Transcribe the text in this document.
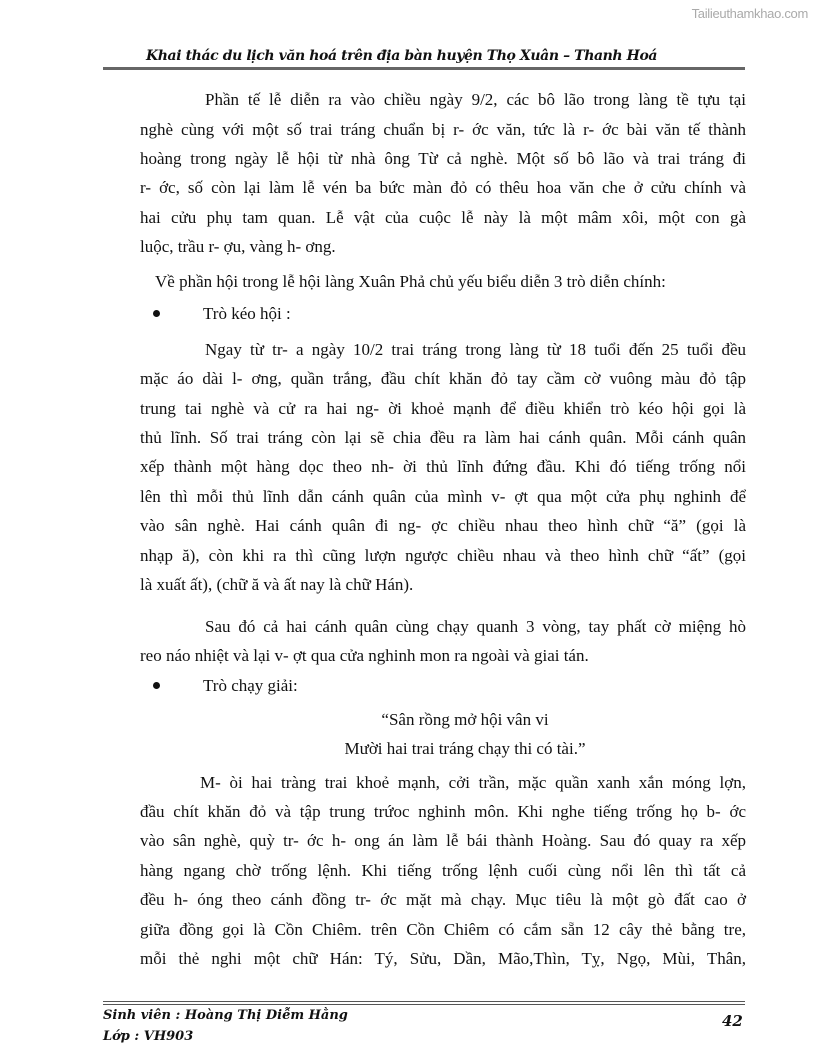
Tailieuthamkhao.com
Khai thác du lịch văn hoá trên địa bàn huyện Thọ Xuân – Thanh Hoá
Phần tế lễ diễn ra vào chiều ngày 9/2, các bô lão trong làng tề tựu tại
nghè cùng với một số trai tráng chuẩn bị r- ớc văn, tức là r- ớc bài văn tế thành
hoàng trong ngày lễ hội từ nhà ông Từ cả nghè. Một số bô lão và trai tráng đi
r- ớc, số còn lại làm lễ vén ba bức màn đỏ có thêu hoa văn che ở cửu chính và
hai cửu phụ tam quan. Lễ vật của cuộc lễ này là một mâm xôi, một con gà
luộc, trầu r- ợu, vàng h- ơng.
Về phần hội trong lễ hội làng Xuân Phả chủ yếu biểu diễn 3 trò diễn chính:
Trò kéo hội :
Ngay từ tr- a ngày 10/2 trai tráng trong làng từ 18 tuổi đến 25 tuổi đều
mặc áo dài l- ơng, quần trắng, đầu chít khăn đỏ tay cầm cờ vuông màu đỏ tập
trung tai nghè và cử ra hai ng- ời khoẻ mạnh để điều khiển trò kéo hội gọi là
thủ lĩnh. Số trai tráng còn lại sẽ chia đều ra làm hai cánh quân. Mỗi cánh quân
xếp thành một hàng dọc theo nh- ời thủ lĩnh đứng đầu. Khi đó tiếng trống nổi
lên thì mỗi thủ lĩnh dẫn cánh quân của mình v- ợt qua một cửa phụ nghinh để
vào sân nghè. Hai cánh quân đi ng- ợc chiều nhau theo hình chữ “ă” (gọi là
nhạp ă), còn khi ra thì cũng lượn ngược chiều nhau và theo hình chữ “ất” (gọi
là xuất ất), (chữ ă và ất nay là chữ Hán).
Sau đó cả hai cánh quân cùng chạy quanh 3 vòng, tay phất cờ miệng hò
reo náo nhiệt và lại v- ợt qua cửa nghinh mon ra ngoài và giai tán.
Trò chạy giải:
“Sân rồng mở hội vân vi
Mười hai trai tráng chạy thi có tài.”
M- òi hai tràng trai khoẻ mạnh, cởi trần, mặc quần xanh xắn móng lợn,
đầu chít khăn đỏ và tập trung trứoc nghinh môn. Khi nghe tiếng trống họ b- ớc
vào sân nghè, quỳ tr- ớc h- ong án làm lễ bái thành Hoàng. Sau đó quay ra xếp
hàng ngang chờ trống lệnh. Khi tiếng trống lệnh cuối cùng nổi lên thì tất cả
đều h- óng theo cánh đồng tr- ớc mặt mà chạy. Mục tiêu là một gò đất cao ở
giữa đồng gọi là Cồn Chiêm. trên Cồn Chiêm có cắm sẵn 12 cây thẻ bằng tre,
mỗi thẻ nghi một chữ Hán: Tý, Sửu, Dần, Mão,Thìn, Tỵ, Ngọ, Mùi, Thân,
Sinh viên : Hoàng Thị Diễm Hằng
Lớp : VH903
42
